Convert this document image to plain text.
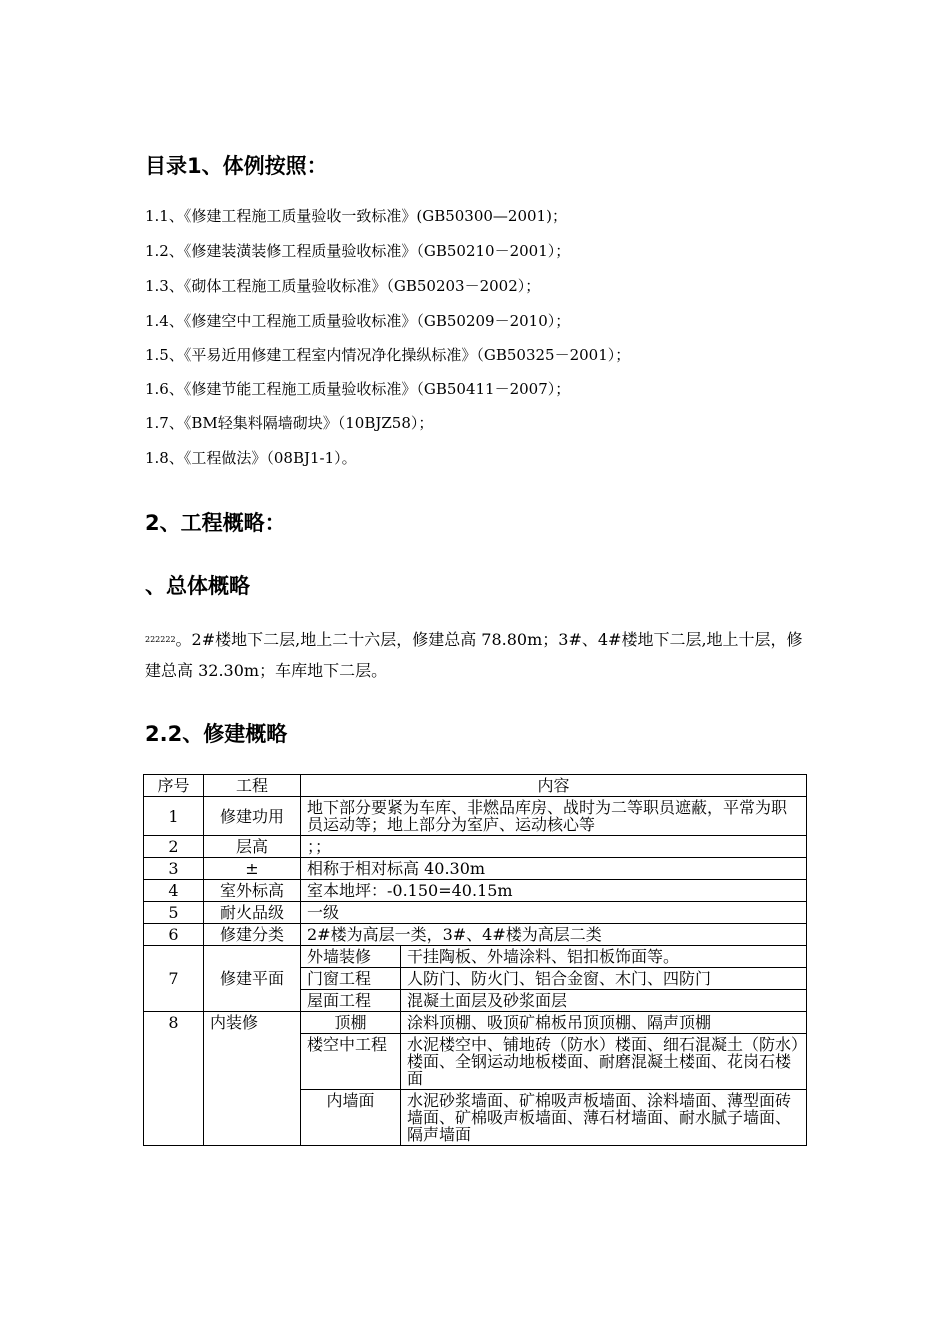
目录1、体例按照：
1.1、《修建工程施工质量验收一致标准》(GB50300—2001)；
1.2、《修建装潢装修工程质量验收标准》（GB50210－2001）；
1.3、《砌体工程施工质量验收标准》（GB50203－2002）；
1.4、《修建空中工程施工质量验收标准》（GB50209－2010）；
1.5、《平易近用修建工程室内情况净化操纵标准》（GB50325－2001）；
1.6、《修建节能工程施工质量验收标准》（GB50411－2007）；
1.7、《BM轻集料隔墙砌块》（10BJZ58）；
1.8、《工程做法》（08BJ1-1）。
2、工程概略：
、总体概略
$^{222222}$。2#楼地下二层,地上二十六层，修建总高 78.80m；3#、4#楼地下二层,地上十层，修建总高 32.30m；车库地下二层。
2.2、修建概略
序号	工程	内容	
1	修建功用	地下部分要紧为车库、非燃品库房、战时为二等职员遮蔽，平常为职员运动等；地上部分为室庐、运动核心等	
2	层高	；；	
3	±	相称于相对标高 40.30m	
4	室外标高	室本地坪：-0.150=40.15m	
5	耐火品级	一级	
6	修建分类	2#楼为高层一类，3#、4#楼为高层二类	
7	修建平面	外墙装修	干挂陶板、外墙涂料、铝扣板饰面等。
		门窗工程	人防门、防火门、铝合金窗、木门、四防门
		屋面工程	混凝土面层及砂浆面层
8	内装修	顶棚	涂料顶棚、吸顶矿棉板吊顶顶棚、隔声顶棚
		楼空中工程	水泥楼空中、铺地砖（防水）楼面、细石混凝土（防水）楼面、全钢运动地板楼面、耐磨混凝土楼面、花岗石楼面
		内墙面	水泥砂浆墙面、矿棉吸声板墙面、涂料墙面、薄型面砖墙面、矿棉吸声板墙面、薄石材墙面、耐水腻子墙面、隔声墙面
